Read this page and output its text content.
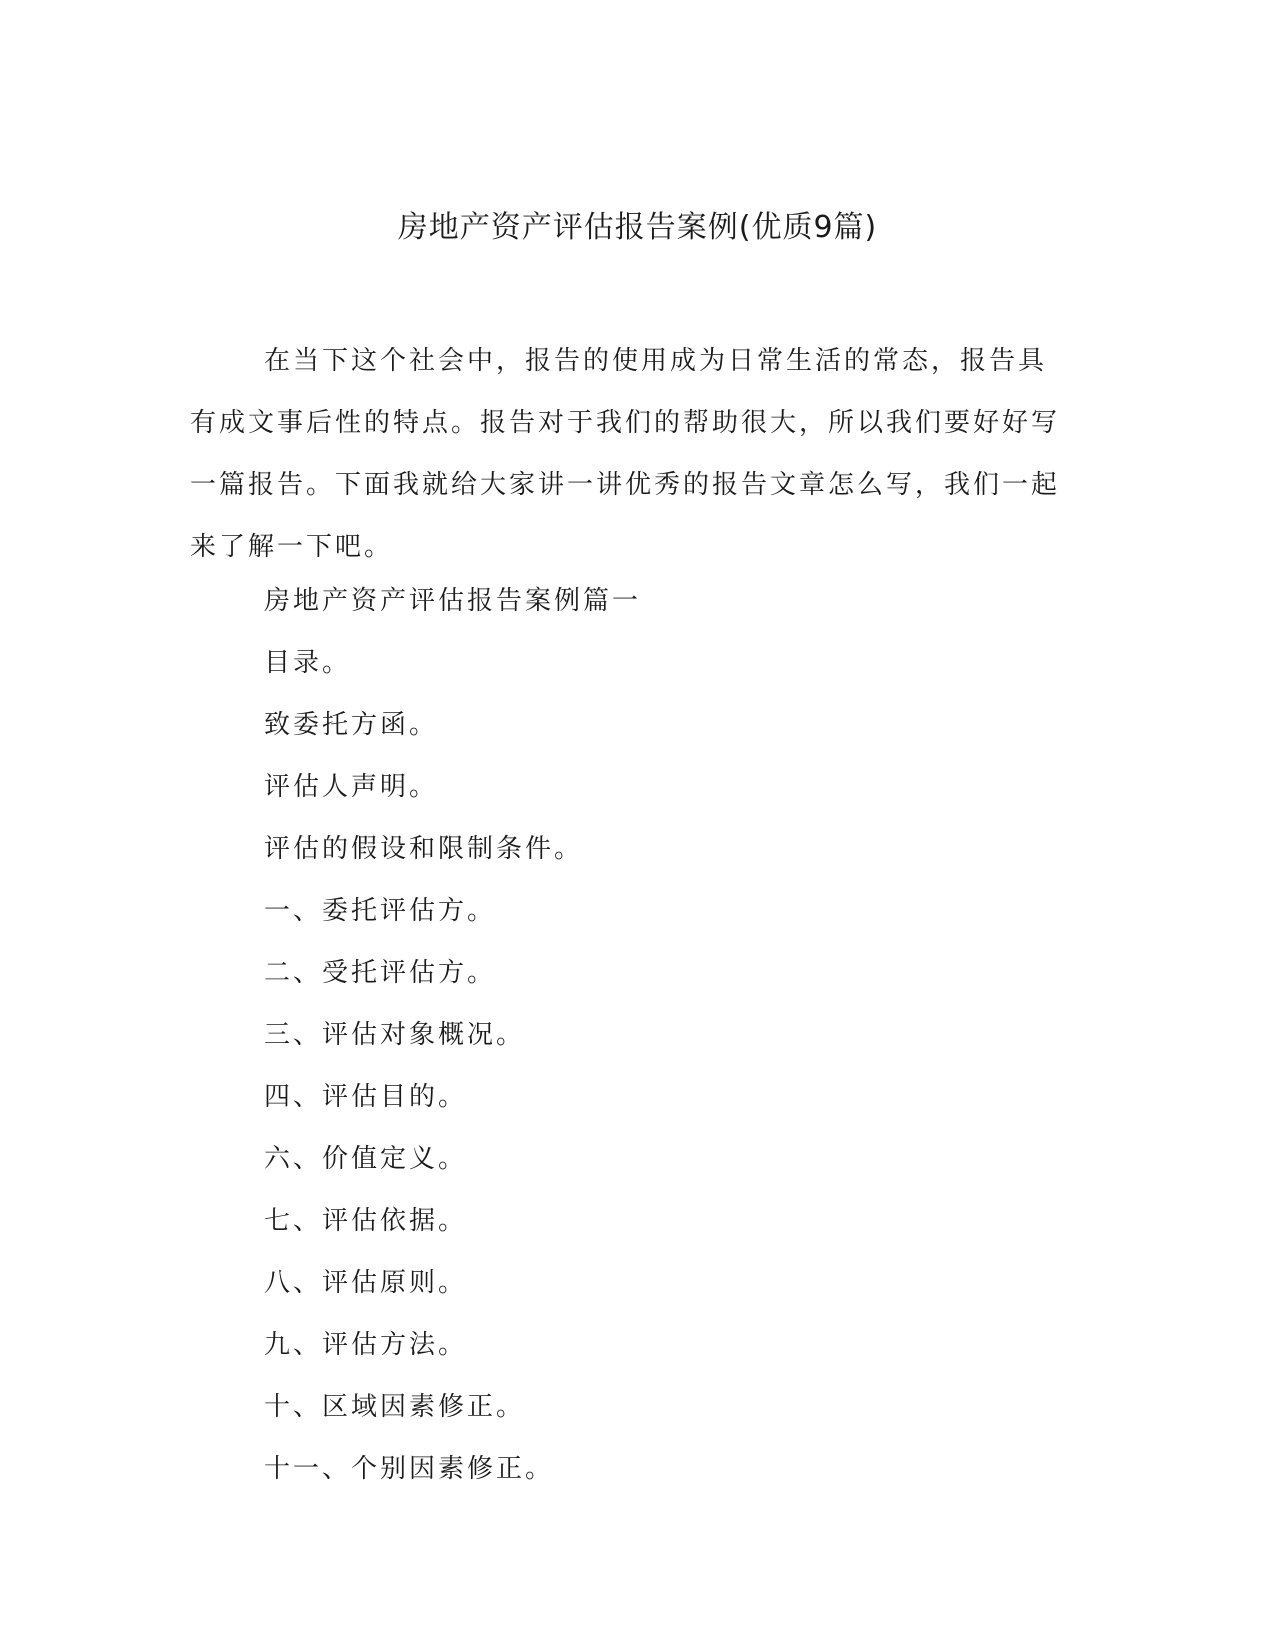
房地产资产评估报告案例(优质9篇)

在当下这个社会中，报告的使用成为日常生活的常态，报告具有成文事后性的特点。报告对于我们的帮助很大，所以我们要好好写一篇报告。下面我就给大家讲一讲优秀的报告文章怎么写，我们一起来了解一下吧。

房地产资产评估报告案例篇一
目录。
致委托方函。
评估人声明。
评估的假设和限制条件。
一、委托评估方。
二、受托评估方。
三、评估对象概况。
四、评估目的。
六、价值定义。
七、评估依据。
八、评估原则。
九、评估方法。
十、区域因素修正。
十一、个别因素修正。
